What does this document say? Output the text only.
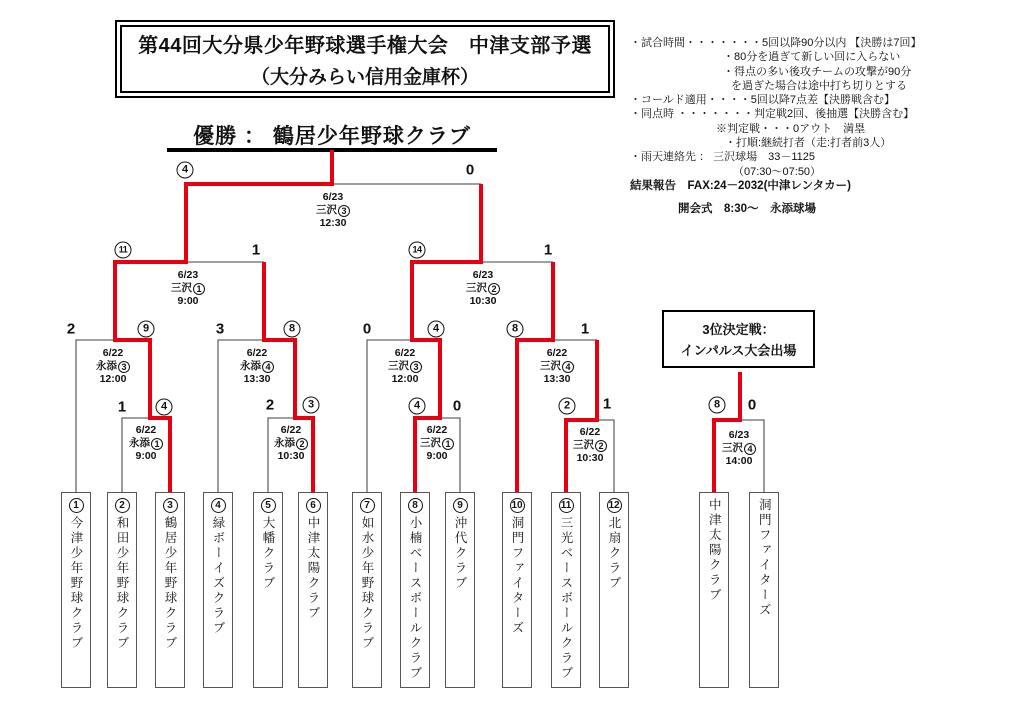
第44回大分県少年野球選手権大会　中津支部予選
（大分みらい信用金庫杯）
・試合時間・・・・・・・5回以降90分以内 【決勝は7回】
・80分を過ぎて新しい回に入らない
・得点の多い後攻チームの攻撃が90分
を過ぎた場合は途中打ち切りとする
・コールド適用・・・・5回以降7点差【決勝戦含む】
・同点時 ・・・・・・・判定戦2回、後抽選【決勝含む】
※判定戦・・・0アウト　満塁
・打順:継続打者（走:打者前3人）
・雨天連絡先 ： 三沢球場　33－1125
（07:30～07:50）
結果報告　FAX:24－2032(中津レンタカー)
開会式　8:30～　永添球場
優勝 ： 鶴居少年野球クラブ
3位決定戦：
インパルス大会出場
6/22
永添 1
9:00
1	4
6/22
永添 2
10:30
2	3
6/22
三沢 1
9:00
4	0
6/22
三沢 2
10:30
2	1
6/22
永添 3
12:00
2	9
6/22
永添 4
13:30
3	8
6/22
三沢 3
12:00
0	4
6/22
三沢 4
13:30
8	1
6/23
三沢 1
9:00
11	1
6/23
三沢 2
10:30
14	1
6/23
三沢 3
12:30
4	0
6/23
三沢 4
14:00
8	0
1今津少年野球クラブ
2和田少年野球クラブ
3鶴居少年野球クラブ
4緑ボーイズクラブ
5大幡クラブ
6中津太陽クラブ
7如水少年野球クラブ
8小楠ベースボールクラブ
9沖代クラブ
10洞門ファイターズ
11三光ベースボールクラブ
12北扇クラブ	中津太陽クラブ	洞門ファイターズ
